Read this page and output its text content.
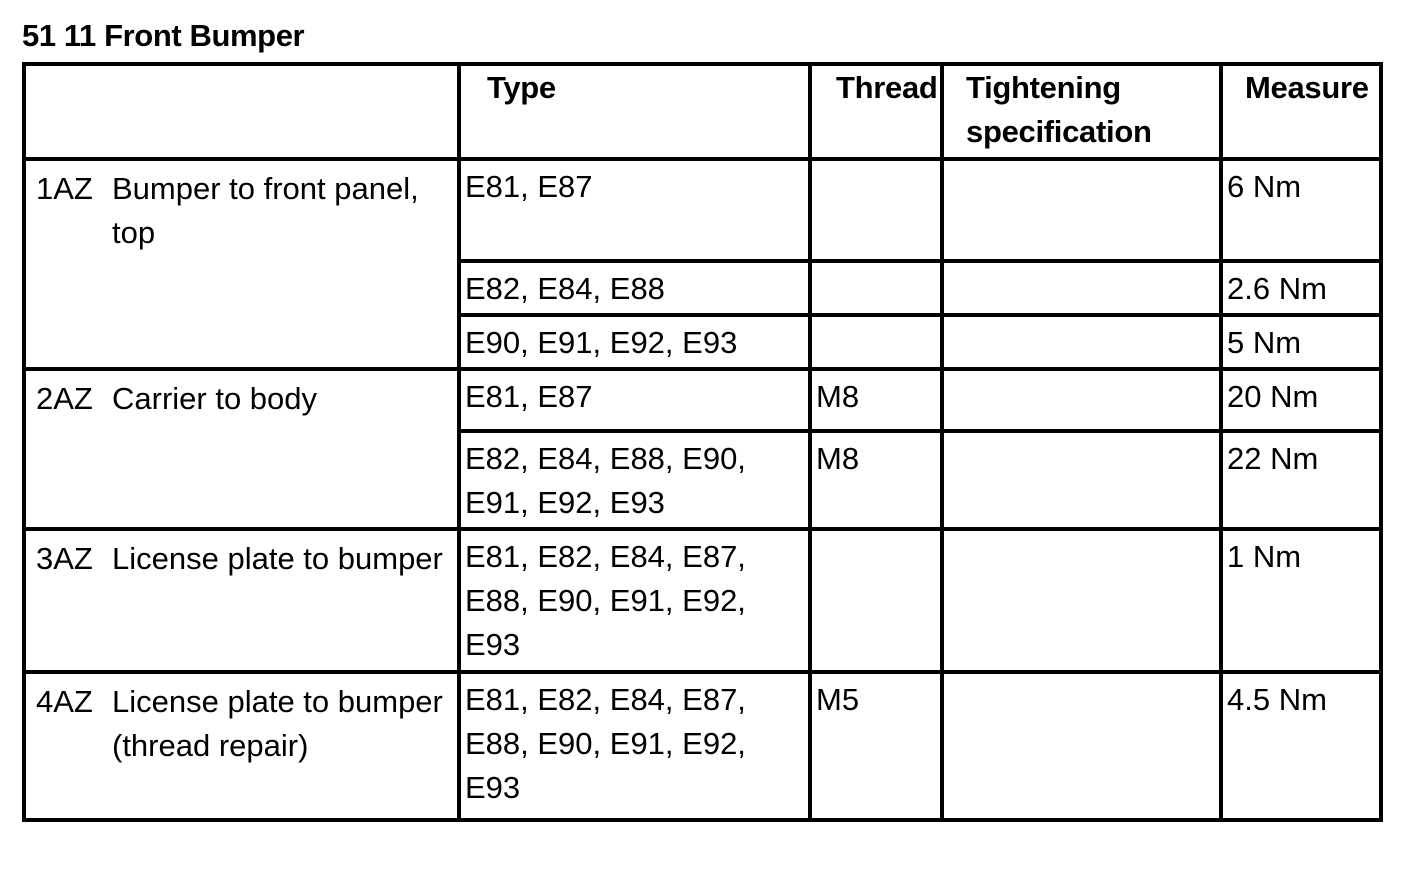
51 11 Front Bumper
	Type	Thread	Tightening specification	Measure

1AZ Bumper to front panel, top	E81, E87			6 Nm
	E82, E84, E88			2.6 Nm
	E90, E91, E92, E93			5 Nm

2AZ Carrier to body	E81, E87	M8		20 Nm
	E82, E84, E88, E90, E91, E92, E93	M8		22 Nm

3AZ License plate to bumper	E81, E82, E84, E87, E88, E90, E91, E92, E93			1 Nm

4AZ License plate to bumper (thread repair)	E81, E82, E84, E87, E88, E90, E91, E92, E93	M5		4.5 Nm
